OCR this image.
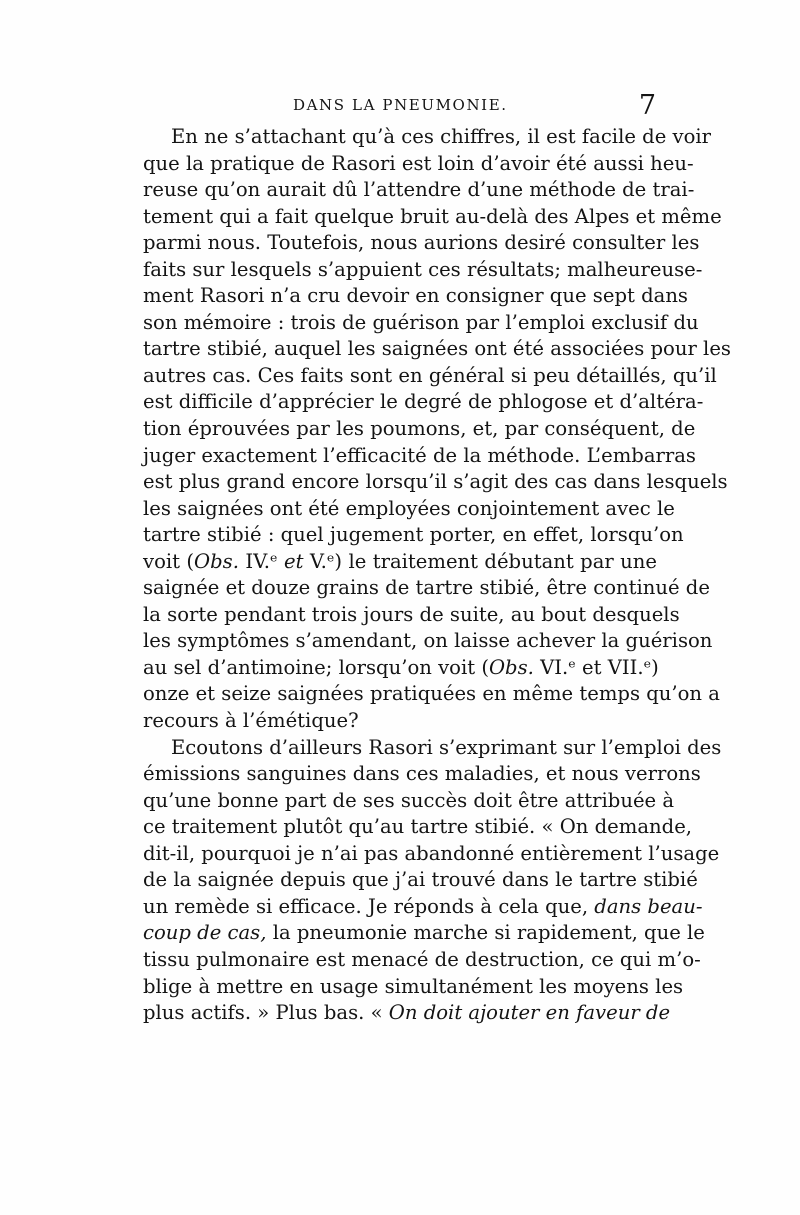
DANS LA PNEUMONIE.	7
En ne s’attachant qu’à ces chiffres, il est facile de voir
que la pratique de Rasori est loin d’avoir été aussi heu-
reuse qu’on aurait dû l’attendre d’une méthode de trai-
tement qui a fait quelque bruit au-delà des Alpes et même
parmi nous. Toutefois, nous aurions desiré consulter les
faits sur lesquels s’appuient ces résultats; malheureuse-
ment Rasori n’a cru devoir en consigner que sept dans
son mémoire : trois de guérison par l’emploi exclusif du
tartre stibié, auquel les saignées ont été associées pour les
autres cas. Ces faits sont en général si peu détaillés, qu’il
est difficile d’apprécier le degré de phlogose et d’altéra-
tion éprouvées par les poumons, et, par conséquent, de
juger exactement l’efficacité de la méthode. L’embarras
est plus grand encore lorsqu’il s’agit des cas dans lesquels
les saignées ont été employées conjointement avec le
tartre stibié : quel jugement porter, en effet, lorsqu’on
voit (Obs. IV.ᵉ et V.ᵉ) le traitement débutant par une
saignée et douze grains de tartre stibié, être continué de
la sorte pendant trois jours de suite, au bout desquels
les symptômes s’amendant, on laisse achever la guérison
au sel d’antimoine; lorsqu’on voit (Obs. VI.ᵉ et VII.ᵉ)
onze et seize saignées pratiquées en même temps qu’on a
recours à l’émétique?
Ecoutons d’ailleurs Rasori s’exprimant sur l’emploi des
émissions sanguines dans ces maladies, et nous verrons
qu’une bonne part de ses succès doit être attribuée à
ce traitement plutôt qu’au tartre stibié. « On demande,
dit-il, pourquoi je n’ai pas abandonné entièrement l’usage
de la saignée depuis que j’ai trouvé dans le tartre stibié
un remède si efficace. Je réponds à cela que, dans beau-
coup de cas, la pneumonie marche si rapidement, que le
tissu pulmonaire est menacé de destruction, ce qui m’o-
blige à mettre en usage simultanément les moyens les
plus actifs. » Plus bas. « On doit ajouter en faveur de
